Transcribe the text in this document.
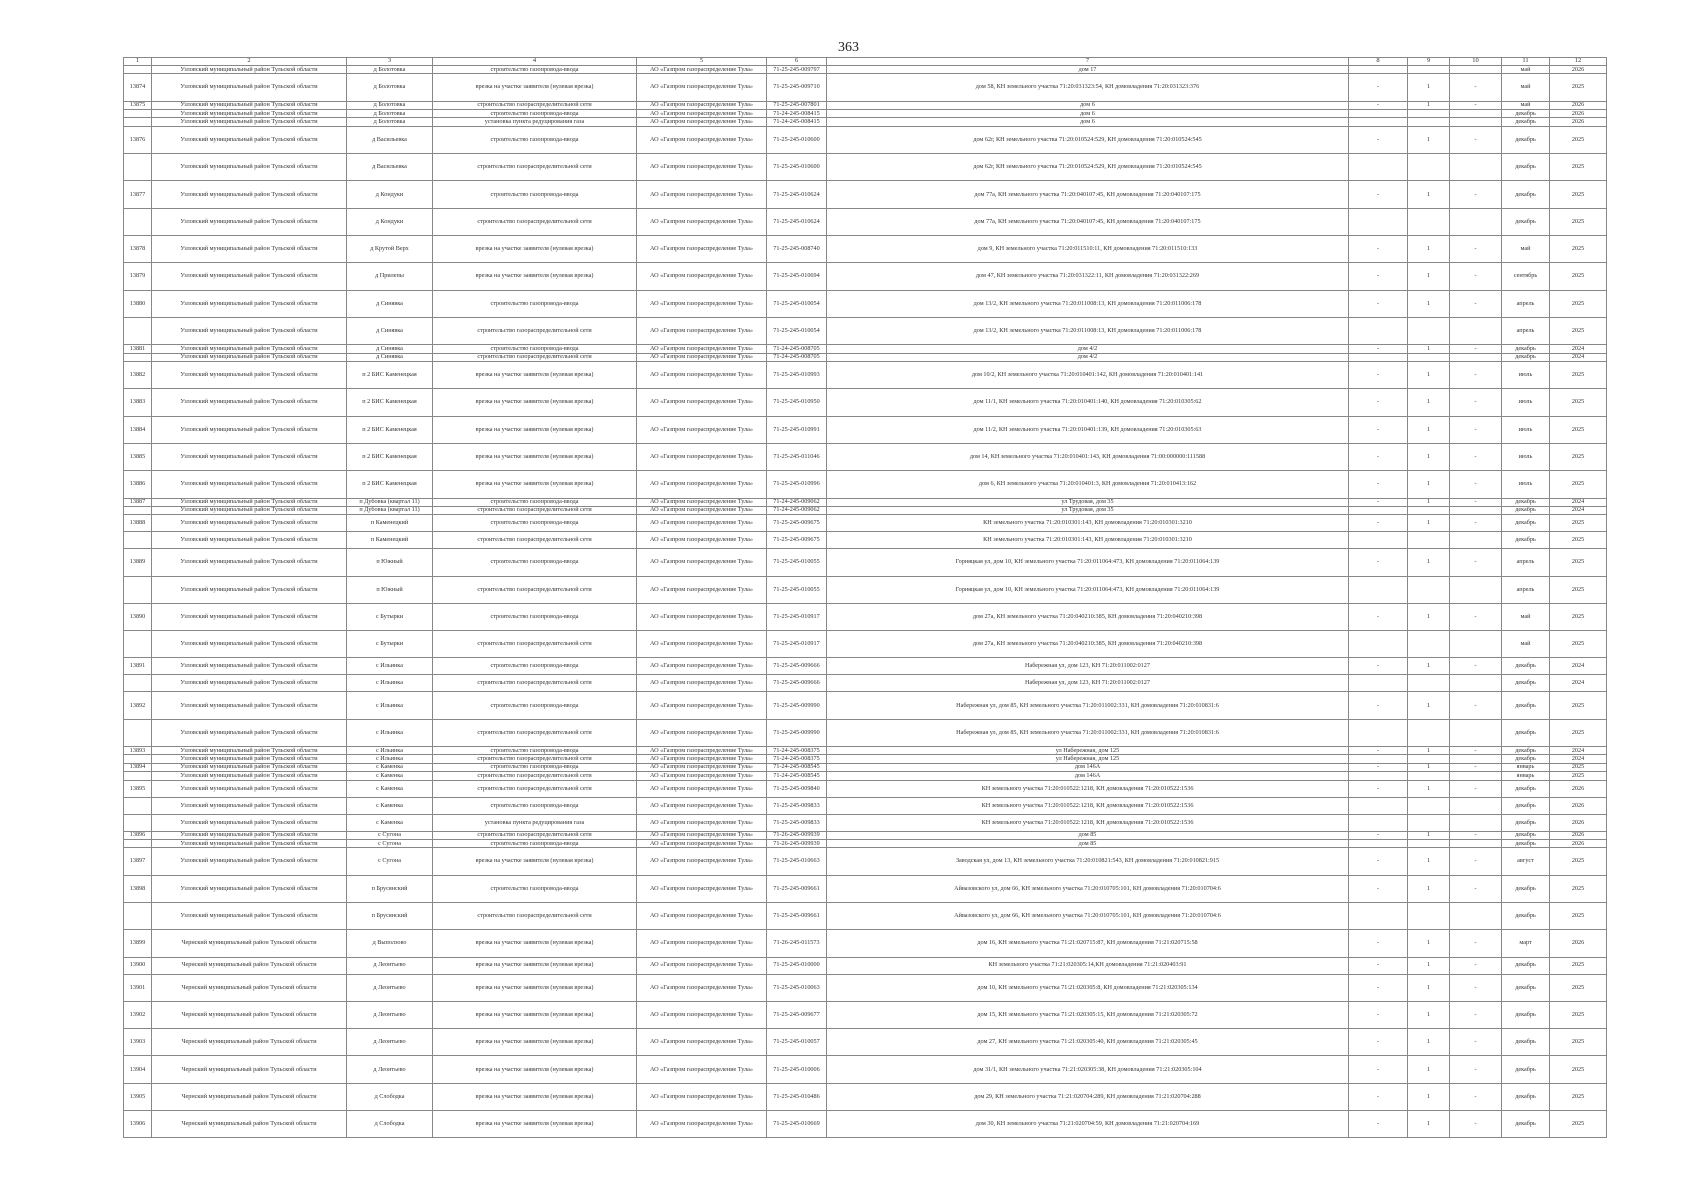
363
1	2	3	4	5	6	7	8	9	10	11	12
	Узловский муниципальный район Тульской области	д Болотовка	строительство газопровода-ввода	АО «Газпром газораспределение Тула»	71-25-245-009797	дом 17				май	2026
13874	Узловский муниципальный район Тульской области	д Болотовка	врезка на участке заявителя (нулевая врезка)	АО «Газпром газораспределение Тула»	71-25-245-009710	дом 58, КН земельного участка 71:20:031323:54, КН домовладения 71:20:031323:376	-	1	-	май	2025
13875	Узловский муниципальный район Тульской области	д Болотовка	строительство газораспределительной сети	АО «Газпром газораспределение Тула»	71-25-245-007801	дом 6	-	1	-	май	2026
	Узловский муниципальный район Тульской области	д Болотовка	строительство газопровода-ввода	АО «Газпром газораспределение Тула»	71-24-245-008415	дом 6				декабрь	2026
	Узловский муниципальный район Тульской области	д Болотовка	установка пункта редуцирования газа	АО «Газпром газораспределение Тула»	71-24-245-008415	дом 6				декабрь	2026
13876	Узловский муниципальный район Тульской области	д Васильевка	строительство газопровода-ввода	АО «Газпром газораспределение Тула»	71-25-245-010600	дом 62г, КН земельного участка 71:20:010524:529, КН домовладения 71:20:010524:545	-	1	-	декабрь	2025
	Узловский муниципальный район Тульской области	д Васильевка	строительство газораспределительной сети	АО «Газпром газораспределение Тула»	71-25-245-010600	дом 62г, КН земельного участка 71:20:010524:529, КН домовладения 71:20:010524:545				декабрь	2025
13877	Узловский муниципальный район Тульской области	д Кондуки	строительство газопровода-ввода	АО «Газпром газораспределение Тула»	71-25-245-010624	дом 77а, КН земельного участка 71:20:040107:45, КН домовладения 71:20:040107:175	-	1	-	декабрь	2025
	Узловский муниципальный район Тульской области	д Кондуки	строительство газораспределительной сети	АО «Газпром газораспределение Тула»	71-25-245-010624	дом 77а, КН земельного участка 71:20:040107:45, КН домовладения 71:20:040107:175				декабрь	2025
13878	Узловский муниципальный район Тульской области	д Крутой Верх	врезка на участке заявителя (нулевая врезка)	АО «Газпром газораспределение Тула»	71-25-245-008740	дом 9, КН земельного участка 71:20:011510:11, КН домовладения 71:20:011510:133	-	1	-	май	2025
13879	Узловский муниципальный район Тульской области	д Прилепы	врезка на участке заявителя (нулевая врезка)	АО «Газпром газораспределение Тула»	71-25-245-010694	дом 47, КН земельного участка 71:20:031322:11, КН домовладения 71:20:031322:269	-	1	-	сентябрь	2025
13880	Узловский муниципальный район Тульской области	д Синявка	строительство газопровода-ввода	АО «Газпром газораспределение Тула»	71-25-245-010054	дом 13/2, КН земельного участка 71:20:011008:13, КН домовладения 71:20:011006:178	-	1	-	апрель	2025
	Узловский муниципальный район Тульской области	д Синявка	строительство газораспределительной сети	АО «Газпром газораспределение Тула»	71-25-245-010054	дом 13/2, КН земельного участка 71:20:011008:13, КН домовладения 71:20:011006:178				апрель	2025
13881	Узловский муниципальный район Тульской области	д Синявка	строительство газопровода-ввода	АО «Газпром газораспределение Тула»	71-24-245-008705	дом 4/2	-	1	-	декабрь	2024
	Узловский муниципальный район Тульской области	д Синявка	строительство газораспределительной сети	АО «Газпром газораспределение Тула»	71-24-245-008705	дом 4/2				декабрь	2024
13882	Узловский муниципальный район Тульской области	п 2 БИС Каменецкая	врезка на участке заявителя (нулевая врезка)	АО «Газпром газораспределение Тула»	71-25-245-010993	дом 10/2, КН земельного участка 71:20:010401:142, КН домовладения 71:20:010401:141	-	1	-	июль	2025
13883	Узловский муниципальный район Тульской области	п 2 БИС Каменецкая	врезка на участке заявителя (нулевая врезка)	АО «Газпром газораспределение Тула»	71-25-245-010950	дом 11/1, КН земельного участка 71:20:010401:140, КН домовладения 71:20:010305:62	-	1	-	июль	2025
13884	Узловский муниципальный район Тульской области	п 2 БИС Каменецкая	врезка на участке заявителя (нулевая врезка)	АО «Газпром газораспределение Тула»	71-25-245-010991	дом 11/2, КН земельного участка 71:20:010401:139, КН домовладения 71:20:010305:63	-	1	-	июль	2025
13885	Узловский муниципальный район Тульской области	п 2 БИС Каменецкая	врезка на участке заявителя (нулевая врезка)	АО «Газпром газораспределение Тула»	71-25-245-011046	дом 14, КН земельного участка 71:20:010401:143, КН домовладения 71:00:000000:111588	-	1	-	июль	2025
13886	Узловский муниципальный район Тульской области	п 2 БИС Каменецкая	врезка на участке заявителя (нулевая врезка)	АО «Газпром газораспределение Тула»	71-25-245-010996	дом 6, КН земельного участка 71:20:010401:3, КН домовладения 71:20:010413:162	-	1	-	июль	2025
13887	Узловский муниципальный район Тульской области	п Дубовка (квартал 11)	строительство газопровода-ввода	АО «Газпром газораспределение Тула»	71-24-245-009062	ул Трудовая, дом 35	-	1	-	декабрь	2024
	Узловский муниципальный район Тульской области	п Дубовка (квартал 11)	строительство газораспределительной сети	АО «Газпром газораспределение Тула»	71-24-245-009062	ул Трудовая, дом 35				декабрь	2024
13888	Узловский муниципальный район Тульской области	п Каменецкий	строительство газопровода-ввода	АО «Газпром газораспределение Тула»	71-25-245-009675	КН земельного участка 71:20:010301:143, КН домовладения 71:20:010301:3210	-	1	-	декабрь	2025
	Узловский муниципальный район Тульской области	п Каменецкий	строительство газораспределительной сети	АО «Газпром газораспределение Тула»	71-25-245-009675	КН земельного участка 71:20:010301:143, КН домовладения 71:20:010301:3210				декабрь	2025
13889	Узловский муниципальный район Тульской области	п Южный	строительство газопровода-ввода	АО «Газпром газораспределение Тула»	71-25-245-010055	Горняцкая ул, дом 10, КН земельного участка 71:20:011064:473, КН домовладения 71:20:011064:139	-	1	-	апрель	2025
	Узловский муниципальный район Тульской области	п Южный	строительство газораспределительной сети	АО «Газпром газораспределение Тула»	71-25-245-010055	Горняцкая ул, дом 10, КН земельного участка 71:20:011064:473, КН домовладения 71:20:011064:139				апрель	2025
13890	Узловский муниципальный район Тульской области	с Бутырки	строительство газопровода-ввода	АО «Газпром газораспределение Тула»	71-25-245-010917	дом 27а, КН земельного участка 71:20:040210:385, КН домовладения 71:20:040210:398	-	1	-	май	2025
	Узловский муниципальный район Тульской области	с Бутырки	строительство газораспределительной сети	АО «Газпром газораспределение Тула»	71-25-245-010917	дом 27а, КН земельного участка 71:20:040210:385, КН домовладения 71:20:040210:398				май	2025
13891	Узловский муниципальный район Тульской области	с Ильинка	строительство газопровода-ввода	АО «Газпром газораспределение Тула»	71-25-245-009666	Набережная ул, дом 123, КН 71:20:011002:0127	-	1	-	декабрь	2024
	Узловский муниципальный район Тульской области	с Ильинка	строительство газораспределительной сети	АО «Газпром газораспределение Тула»	71-25-245-009666	Набережная ул, дом 123, КН 71:20:011002:0127				декабрь	2024
13892	Узловский муниципальный район Тульской области	с Ильинка	строительство газопровода-ввода	АО «Газпром газораспределение Тула»	71-25-245-009990	Набережная ул, дом 85, КН земельного участка 71:20:011002:331, КН домовладения 71:20:010831:6	-	1	-	декабрь	2025
	Узловский муниципальный район Тульской области	с Ильинка	строительство газораспределительной сети	АО «Газпром газораспределение Тула»	71-25-245-009990	Набережная ул, дом 85, КН земельного участка 71:20:011002:331, КН домовладения 71:20:010831:6				декабрь	2025
13893	Узловский муниципальный район Тульской области	с Ильинка	строительство газопровода-ввода	АО «Газпром газораспределение Тула»	71-24-245-008375	ул Набережная, дом 125	-	1	-	декабрь	2024
	Узловский муниципальный район Тульской области	с Ильинка	строительство газораспределительной сети	АО «Газпром газораспределение Тула»	71-24-245-008375	ул Набережная, дом 125				декабрь	2024
13894	Узловский муниципальный район Тульской области	с Каменка	строительство газопровода-ввода	АО «Газпром газораспределение Тула»	71-24-245-008545	дом 146А	-	1	-	январь	2025
	Узловский муниципальный район Тульской области	с Каменка	строительство газораспределительной сети	АО «Газпром газораспределение Тула»	71-24-245-008545	дом 146А				январь	2025
13895	Узловский муниципальный район Тульской области	с Каменка	строительство газораспределительной сети	АО «Газпром газораспределение Тула»	71-25-245-009840	КН земельного участка 71:20:010522:1218, КН домовладения 71:20:010522:1536	-	1	-	декабрь	2026
	Узловский муниципальный район Тульской области	с Каменка	строительство газопровода-ввода	АО «Газпром газораспределение Тула»	71-25-245-009833	КН земельного участка 71:20:010522:1218, КН домовладения 71:20:010522:1536				декабрь	2026
	Узловский муниципальный район Тульской области	с Каменка	установка пункта редуцирования газа	АО «Газпром газораспределение Тула»	71-25-245-009833	КН земельного участка 71:20:010522:1218, КН домовладения 71:20:010522:1536				декабрь	2026
13896	Узловский муниципальный район Тульской области	с Сугона	строительство газораспределительной сети	АО «Газпром газораспределение Тула»	71-26-245-009939	дом 85	-	1	-	декабрь	2026
	Узловский муниципальный район Тульской области	с Сугона	строительство газопровода-ввода	АО «Газпром газораспределение Тула»	71-26-245-009939	дом 85				декабрь	2026
13897	Узловский муниципальный район Тульской области	с Сугона	врезка на участке заявителя (нулевая врезка)	АО «Газпром газораспределение Тула»	71-25-245-010663	Заводская ул, дом 13, КН земельного участка 71:20:010821:543, КН домовладения 71:20:010821:915	-	1	-	август	2025
13898	Узловский муниципальный район Тульской области	п Брусянский	строительство газопровода-ввода	АО «Газпром газораспределение Тула»	71-25-245-009661	Айвазовского ул, дом 66, КН земельного участка 71:20:010705:101, КН домовладения 71:20:010704:6	-	1	-	декабрь	2025
	Узловский муниципальный район Тульской области	п Брусянский	строительство газораспределительной сети	АО «Газпром газораспределение Тула»	71-25-245-009661	Айвазовского ул, дом 66, КН земельного участка 71:20:010705:101, КН домовладения 71:20:010704:6				декабрь	2025
13899	Чернский муниципальный район Тульской области	д Выползово	врезка на участке заявителя (нулевая врезка)	АО «Газпром газораспределение Тула»	71-26-245-011573	дом 16, КН земельного участка 71:21:020715:87, КН домовладения 71:21:020715:58	-	1	-	март	2026
13900	Чернский муниципальный район Тульской области	д Леонтьево	врезка на участке заявителя (нулевая врезка)	АО «Газпром газораспределение Тула»	71-25-245-010000	КН земельного участка 71:21:020305:14,КН домовладения 71:21:020403:91	-	1	-	декабрь	2025
13901	Чернский муниципальный район Тульской области	д Леонтьево	врезка на участке заявителя (нулевая врезка)	АО «Газпром газораспределение Тула»	71-25-245-010063	дом 10, КН земельного участка 71:21:020305:8, КН домовладения 71:21:020305:134	-	1	-	декабрь	2025
13902	Чернский муниципальный район Тульской области	д Леонтьево	врезка на участке заявителя (нулевая врезка)	АО «Газпром газораспределение Тула»	71-25-245-009677	дом 15, КН земельного участка 71:21:020305:15, КН домовладения 71:21:020305:72	-	1	-	декабрь	2025
13903	Чернский муниципальный район Тульской области	д Леонтьево	врезка на участке заявителя (нулевая врезка)	АО «Газпром газораспределение Тула»	71-25-245-010057	дом 27, КН земельного участка 71:21:020305:40, КН домовладения 71:21:020305:45	-	1	-	декабрь	2025
13904	Чернский муниципальный район Тульской области	д Леонтьево	врезка на участке заявителя (нулевая врезка)	АО «Газпром газораспределение Тула»	71-25-245-010006	дом 31/1, КН земельного участка 71:21:020305:38, КН домовладения 71:21:020305:104	-	1	-	декабрь	2025
13905	Чернский муниципальный район Тульской области	д Слободка	врезка на участке заявителя (нулевая врезка)	АО «Газпром газораспределение Тула»	71-25-245-010486	дом 29, КН земельного участка 71:21:020704:289, КН домовладения 71:21:020704:288	-	1	-	декабрь	2025
13906	Чернский муниципальный район Тульской области	д Слободка	врезка на участке заявителя (нулевая врезка)	АО «Газпром газораспределение Тула»	71-25-245-010669	дом 30, КН земельного участка 71:21:020704:59, КН домовладения 71:21:020704:169	-	1	-	декабрь	2025
